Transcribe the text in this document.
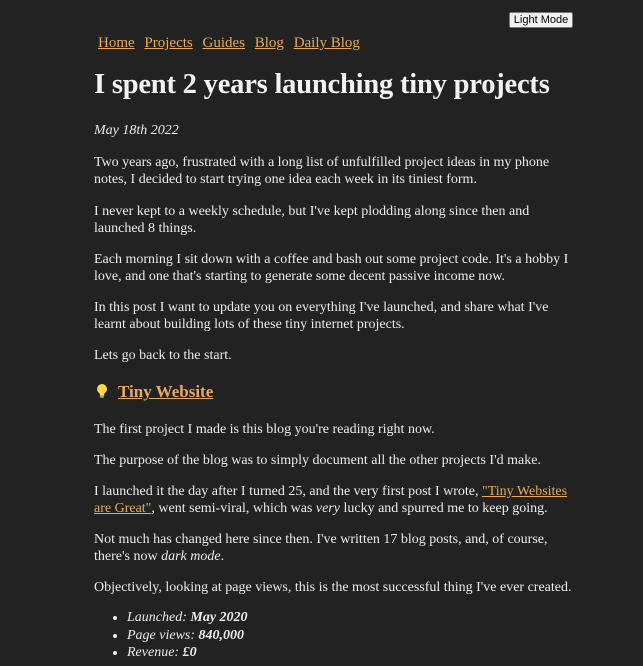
Light Mode
Home Projects Guides Blog Daily Blog
I spent 2 years launching tiny projects

May 18th 2022

Two years ago, frustrated with a long list of unfulfilled project ideas in my phone notes, I decided to start trying one idea each week in its tiniest form.

I never kept to a weekly schedule, but I've kept plodding along since then and launched 8 things.

Each morning I sit down with a coffee and bash out some project code. It's a hobby I love, and one that's starting to generate some decent passive income now.

In this post I want to update you on everything I've launched, and share what I've learnt about building lots of these tiny internet projects.

Lets go back to the start.

Tiny Website

The first project I made is this blog you're reading right now.

The purpose of the blog was to simply document all the other projects I'd make.

I launched it the day after I turned 25, and the very first post I wrote, "Tiny Websites are Great", went semi-viral, which was very lucky and spurred me to keep going.

Not much has changed here since then. I've written 17 blog posts, and, of course, there's now dark mode.

Objectively, looking at page views, this is the most successful thing I've ever created.

• Launched: May 2020
• Page views: 840,000
• Revenue: £0
